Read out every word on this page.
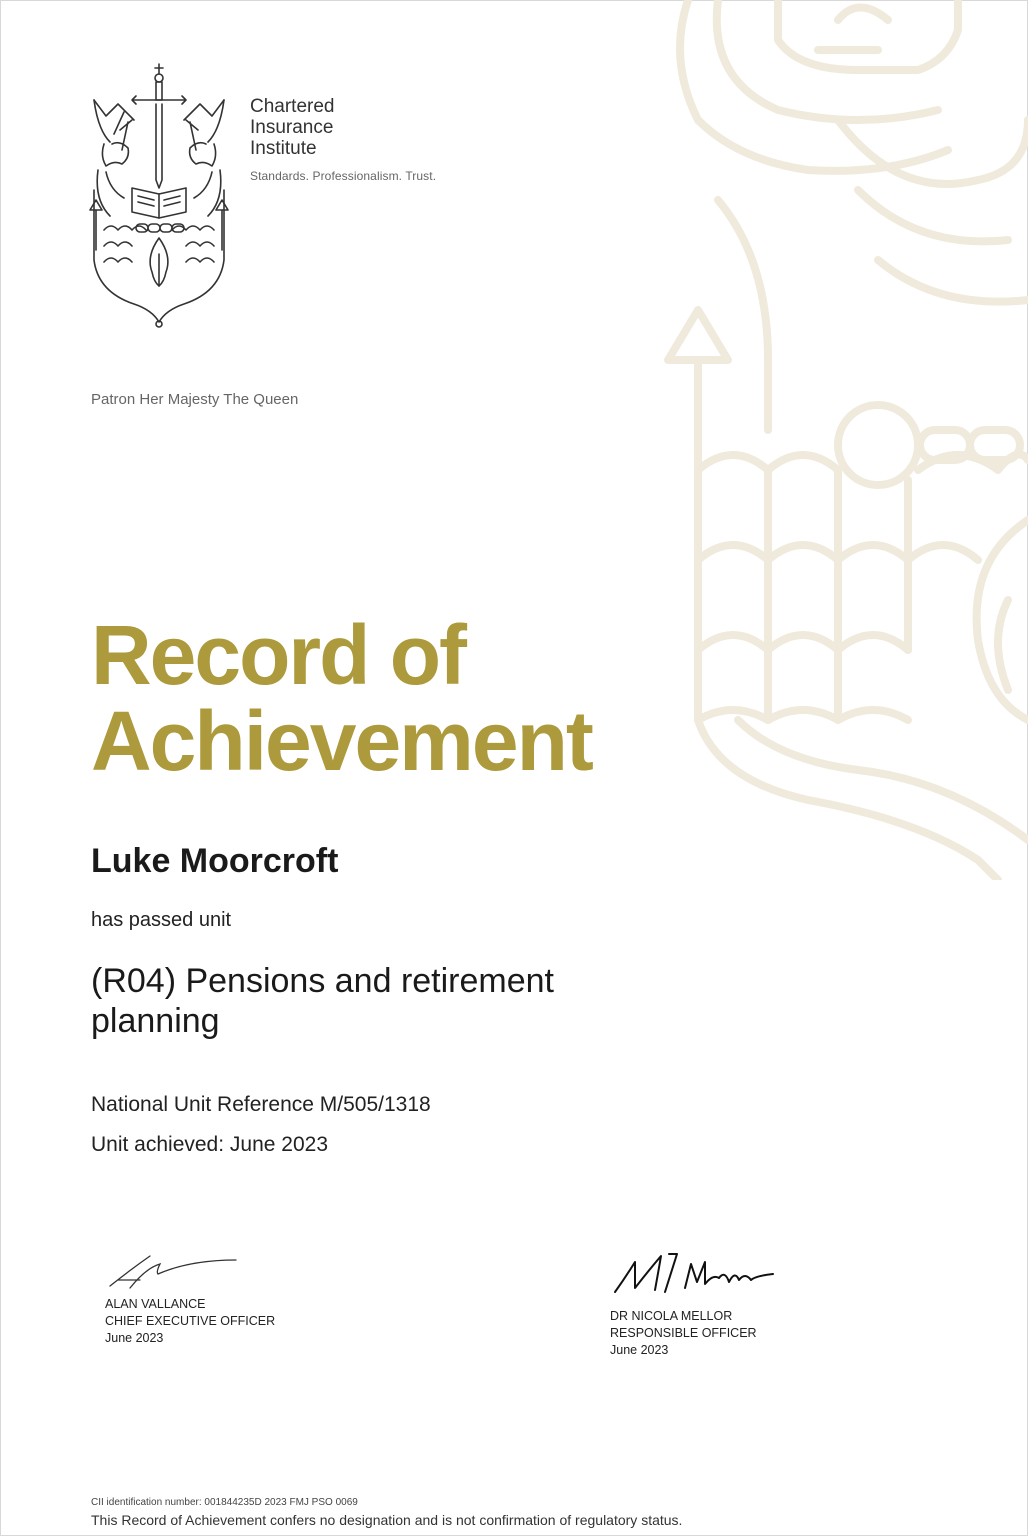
Chartered
Insurance
Institute
Standards. Professionalism. Trust.
Patron Her Majesty The Queen
Record of
Achievement
Luke Moorcroft
has passed unit
(R04) Pensions and retirement
planning
National Unit Reference M/505/1318
Unit achieved: June 2023
ALAN VALLANCE
CHIEF EXECUTIVE OFFICER
June 2023
DR NICOLA MELLOR
RESPONSIBLE OFFICER
June 2023
CII identification number: 001844235D 2023 FMJ PSO 0069
This Record of Achievement confers no designation and is not confirmation of regulatory status.
